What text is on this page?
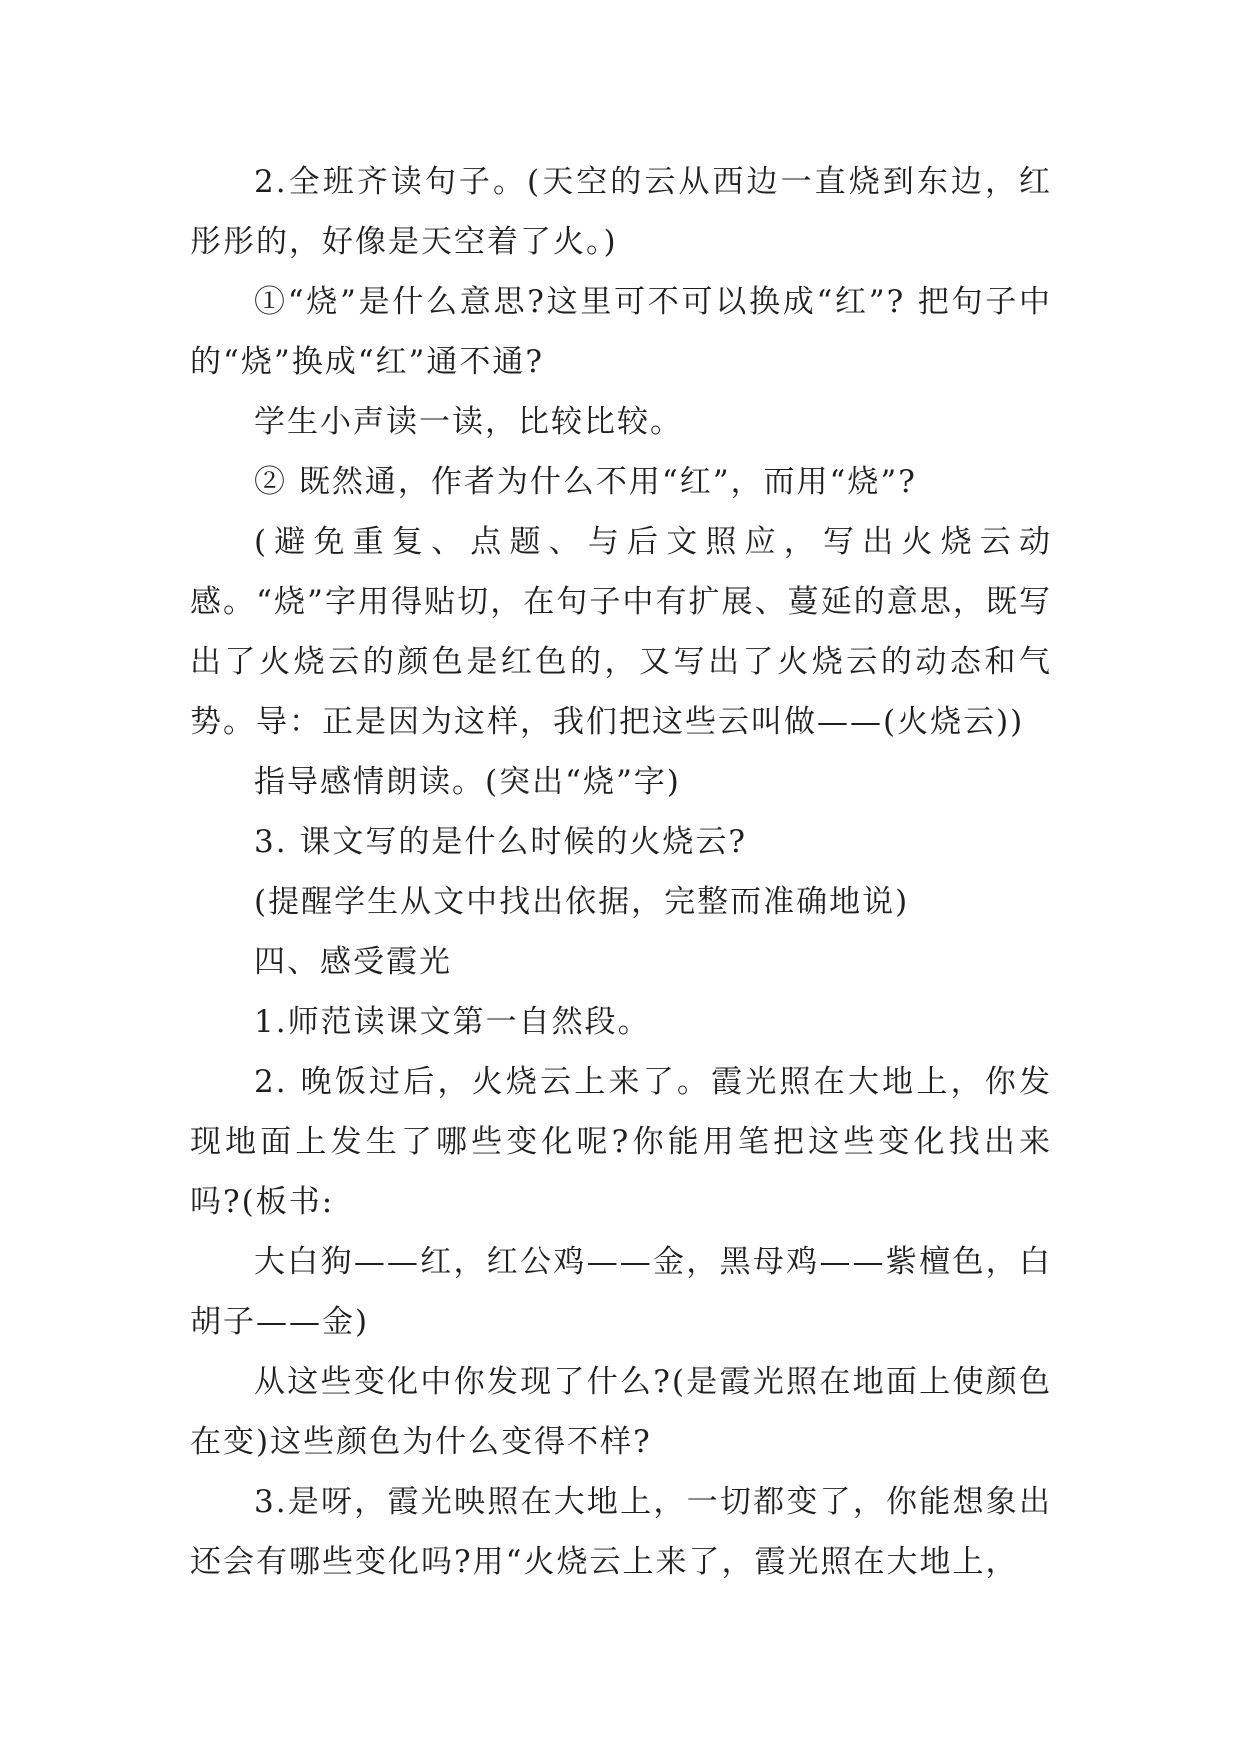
2.全班齐读句子。(天空的云从西边一直烧到东边，红彤彤的，好像是天空着了火。)

①“烧”是什么意思?这里可不可以换成“红”? 把句子中的“烧”换成“红”通不通?

学生小声读一读，比较比较。

② 既然通，作者为什么不用“红”，而用“烧”?

(避免重复、点题、与后文照应，写出火烧云动感。“烧”字用得贴切，在句子中有扩展、蔓延的意思，既写出了火烧云的颜色是红色的，又写出了火烧云的动态和气势。导：正是因为这样，我们把这些云叫做——(火烧云))

指导感情朗读。(突出“烧”字)

3. 课文写的是什么时候的火烧云?

(提醒学生从文中找出依据，完整而准确地说)

四、感受霞光

1.师范读课文第一自然段。

2. 晚饭过后，火烧云上来了。霞光照在大地上，你发现地面上发生了哪些变化呢?你能用笔把这些变化找出来吗?(板书:

大白狗——红，红公鸡——金，黑母鸡——紫檀色，白胡子——金)

从这些变化中你发现了什么?(是霞光照在地面上使颜色在变)这些颜色为什么变得不样?

3.是呀，霞光映照在大地上，一切都变了，你能想象出还会有哪些变化吗?用“火烧云上来了，霞光照在大地上，
